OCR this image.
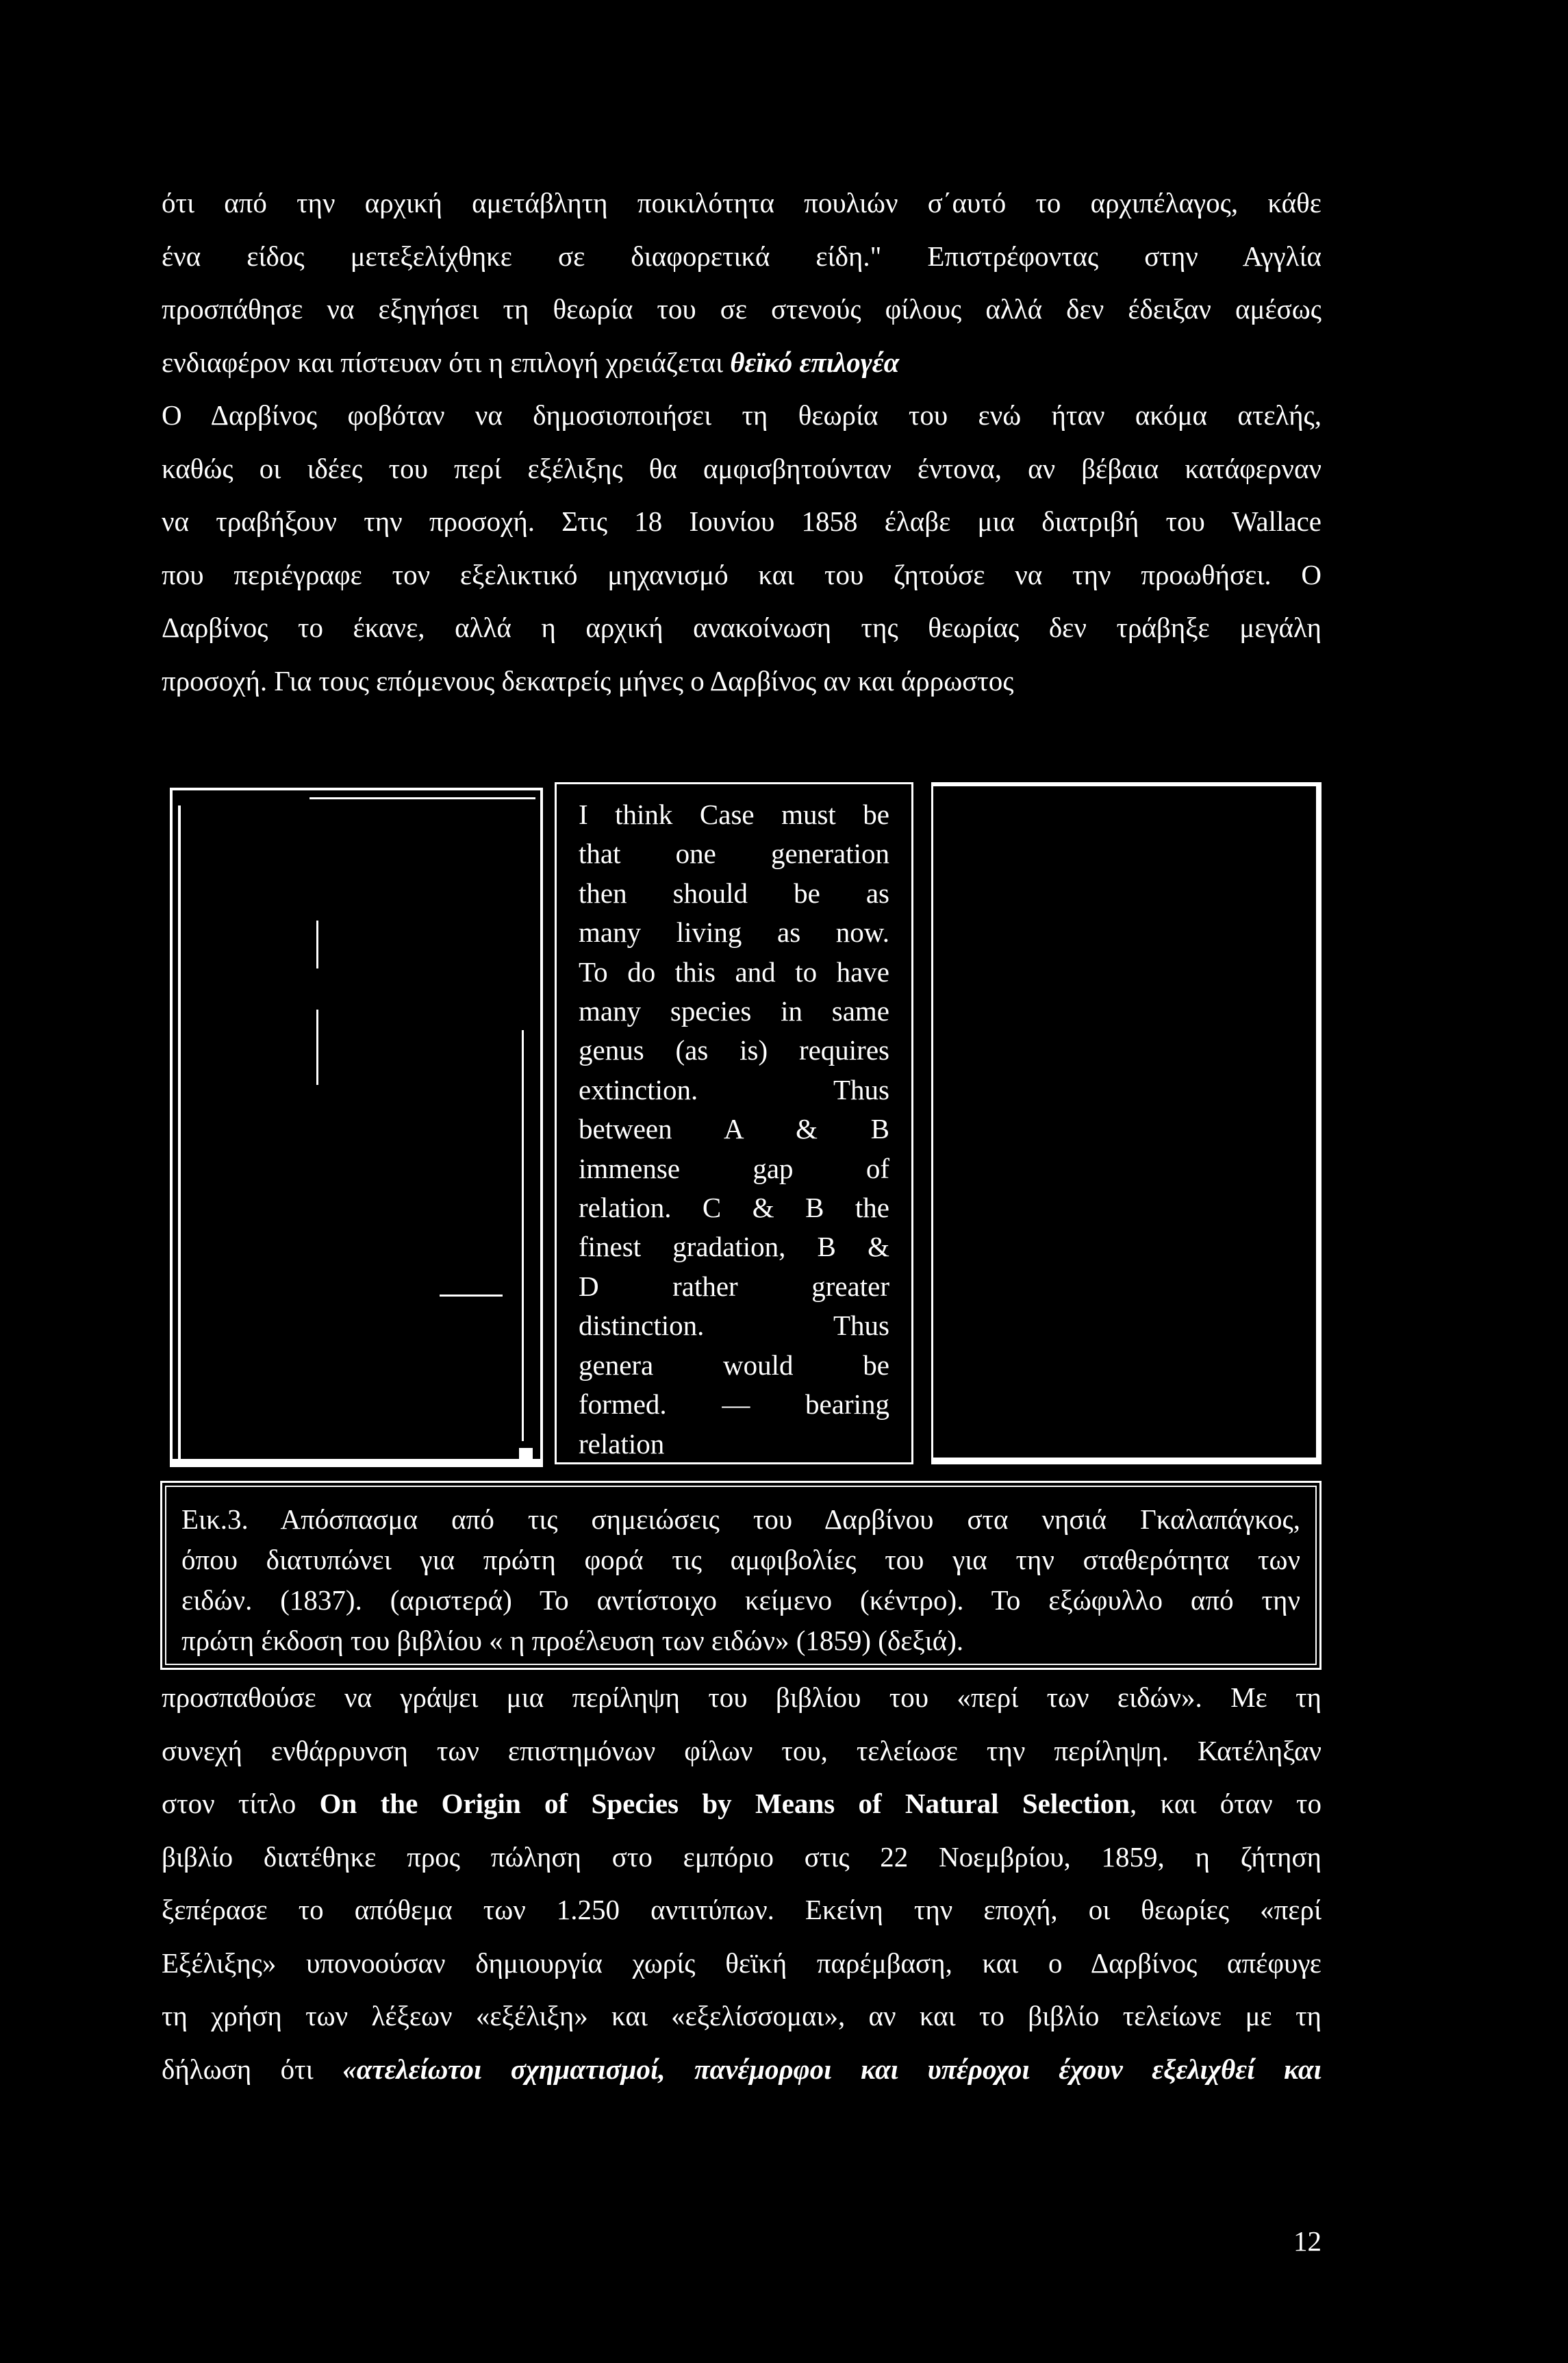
ότι από την αρχική αμετάβλητη ποικιλότητα πουλιών σ΄αυτό το αρχιπέλαγος, κάθε
ένα είδος μετεξελίχθηκε σε διαφορετικά είδη." Επιστρέφοντας στην Αγγλία
προσπάθησε να εξηγήσει τη θεωρία του σε στενούς φίλους αλλά δεν έδειξαν αμέσως
ενδιαφέρον και πίστευαν ότι η επιλογή χρειάζεται θεϊκό επιλογέα
Ο Δαρβίνος φοβόταν να δημοσιοποιήσει τη θεωρία του ενώ ήταν ακόμα ατελής,
καθώς οι ιδέες του περί εξέλιξης θα αμφισβητούνταν έντονα, αν βέβαια κατάφερναν
να τραβήξουν την προσοχή. Στις 18 Ιουνίου 1858 έλαβε μια διατριβή του Wallace
που περιέγραφε τον εξελικτικό μηχανισμό και του ζητούσε να την προωθήσει. Ο
Δαρβίνος το έκανε, αλλά η αρχική ανακοίνωση της θεωρίας δεν τράβηξε μεγάλη
προσοχή. Για τους επόμενους δεκατρείς μήνες ο Δαρβίνος αν και άρρωστος
I think Case must be
that one generation
then should be as
many living as now.
To do this and to have
many species in same
genus (as is) requires
extinction. Thus
between A & B
immense gap of
relation. C & B the
finest gradation, B &
D rather greater
distinction. Thus
genera would be
formed. — bearing
relation
Εικ.3. Απόσπασμα από τις σημειώσεις του Δαρβίνου στα νησιά Γκαλαπάγκος,
όπου διατυπώνει για πρώτη φορά τις αμφιβολίες του για την σταθερότητα των
ειδών. (1837). (αριστερά) Το αντίστοιχο κείμενο (κέντρο). Το εξώφυλλο από την
πρώτη έκδοση του βιβλίου « η προέλευση των ειδών» (1859) (δεξιά).
προσπαθούσε να γράψει μια περίληψη του βιβλίου του «περί των ειδών». Με τη
συνεχή ενθάρρυνση των επιστημόνων φίλων του, τελείωσε την περίληψη. Κατέληξαν
στον τίτλο On the Origin of Species by Means of Natural Selection, και όταν το
βιβλίο διατέθηκε προς πώληση στο εμπόριο στις 22 Νοεμβρίου, 1859, η ζήτηση
ξεπέρασε το απόθεμα των 1.250 αντιτύπων. Εκείνη την εποχή, οι θεωρίες «περί
Εξέλιξης» υπονοούσαν δημιουργία χωρίς θεϊκή παρέμβαση, και ο Δαρβίνος απέφυγε
τη χρήση των λέξεων «εξέλιξη» και «εξελίσσομαι», αν και το βιβλίο τελείωνε με τη
δήλωση ότι «ατελείωτοι σχηματισμοί, πανέμορφοι και υπέροχοι έχουν εξελιχθεί και
12
